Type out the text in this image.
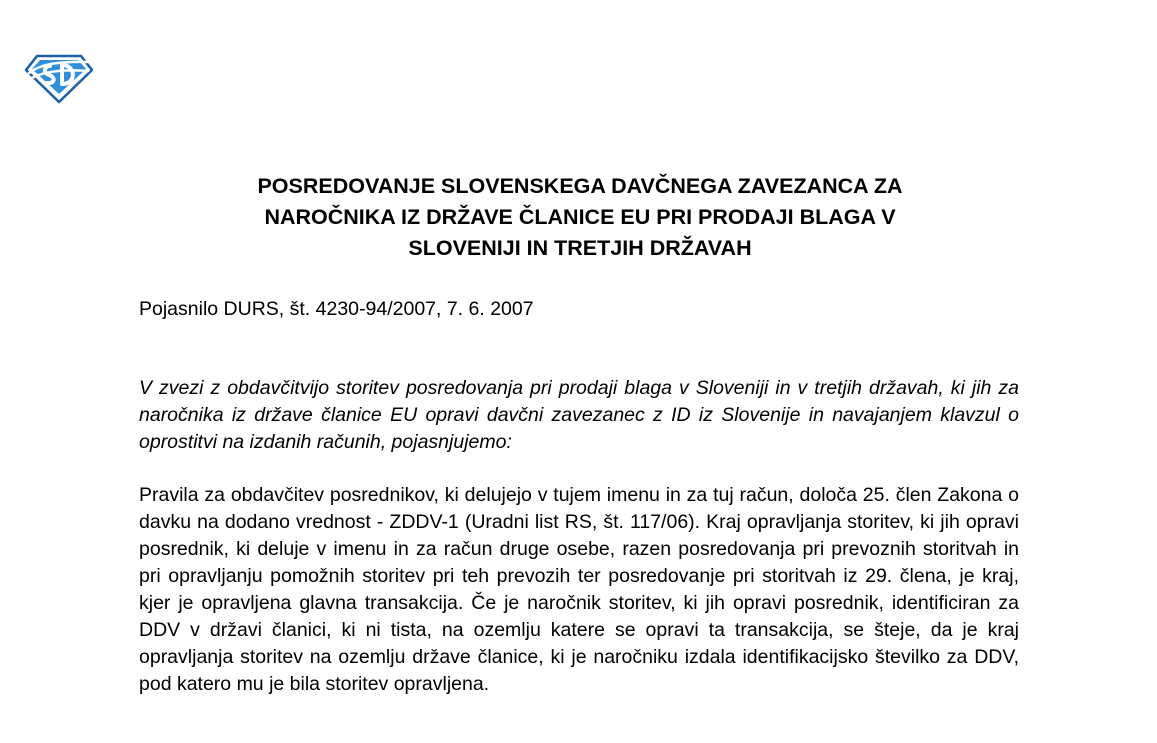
POSREDOVANJE SLOVENSKEGA DAVČNEGA ZAVEZANCA ZA
NAROČNIKA IZ DRŽAVE ČLANICE EU PRI PRODAJI BLAGA V
SLOVENIJI IN TRETJIH DRŽAVAH

Pojasnilo DURS, št. 4230-94/2007, 7. 6. 2007

V zvezi z obdavčitvijo storitev posredovanja pri prodaji blaga v Sloveniji in v tretjih državah, ki jih za naročnika iz države članice EU opravi davčni zavezanec z ID iz Slovenije in navajanjem klavzul o oprostitvi na izdanih računih, pojasnjujemo:

Pravila za obdavčitev posrednikov, ki delujejo v tujem imenu in za tuj račun, določa 25. člen Zakona o davku na dodano vrednost - ZDDV-1 (Uradni list RS, št. 117/06). Kraj opravljanja storitev, ki jih opravi posrednik, ki deluje v imenu in za račun druge osebe, razen posredovanja pri prevoznih storitvah in pri opravljanju pomožnih storitev pri teh prevozih ter posredovanje pri storitvah iz 29. člena, je kraj, kjer je opravljena glavna transakcija. Če je naročnik storitev, ki jih opravi posrednik, identificiran za DDV v državi članici, ki ni tista, na ozemlju katere se opravi ta transakcija, se šteje, da je kraj opravljanja storitev na ozemlju države članice, ki je naročniku izdala identifikacijsko številko za DDV, pod katero mu je bila storitev opravljena.
